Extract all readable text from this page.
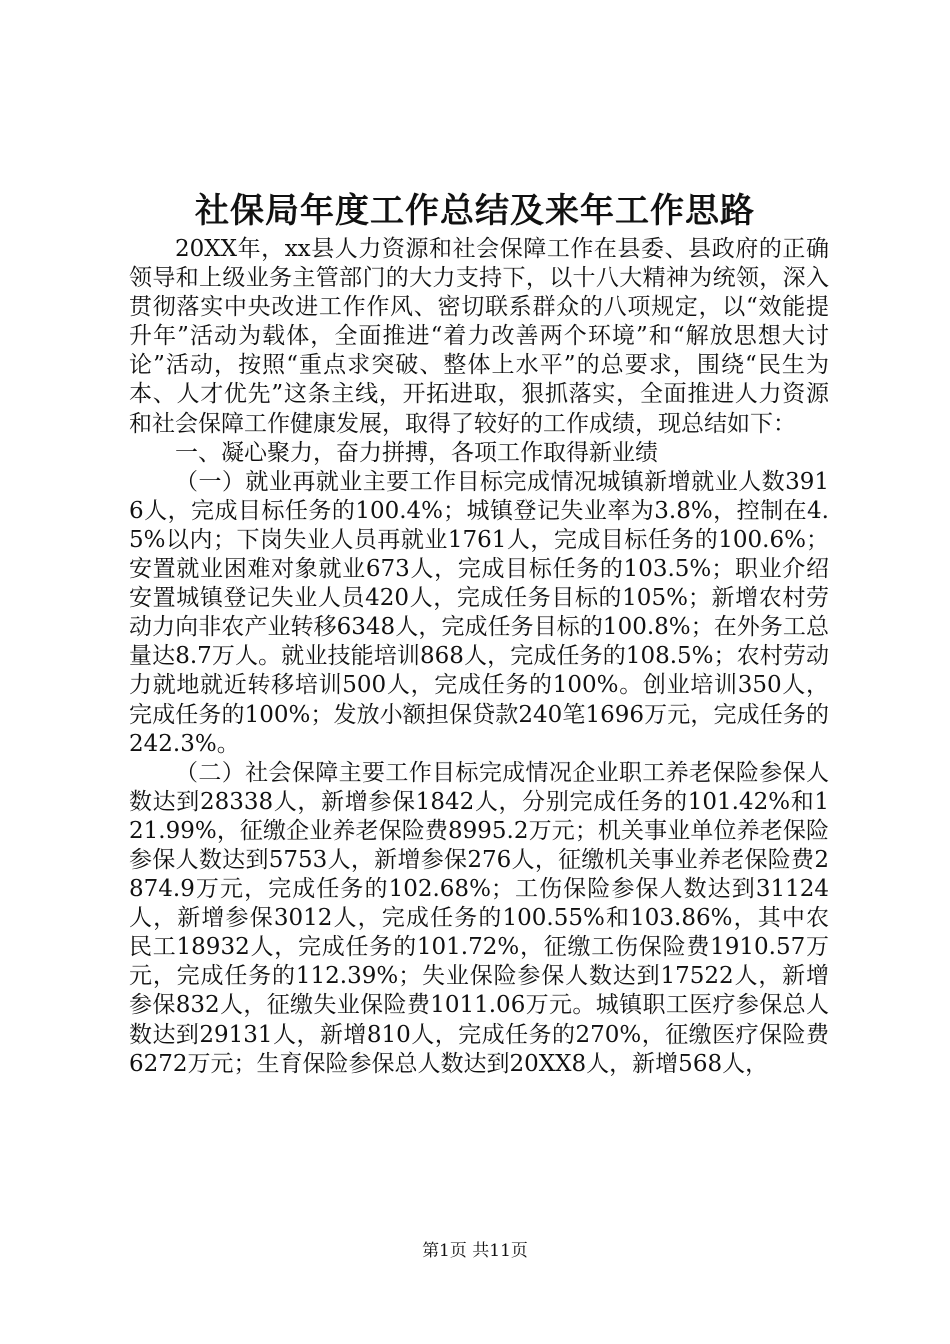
社保局年度工作总结及来年工作思路

20XX年，xx县人力资源和社会保障工作在县委、县政府的正确领导和上级业务主管部门的大力支持下，以十八大精神为统领，深入贯彻落实中央改进工作作风、密切联系群众的八项规定，以“效能提升年”活动为载体，全面推进“着力改善两个环境”和“解放思想大讨论”活动，按照“重点求突破、整体上水平”的总要求，围绕“民生为本、人才优先”这条主线，开拓进取，狠抓落实，全面推进人力资源和社会保障工作健康发展，取得了较好的工作成绩，现总结如下：

一、凝心聚力，奋力拼搏，各项工作取得新业绩

（一）就业再就业主要工作目标完成情况城镇新增就业人数3916人，完成目标任务的100.4%；城镇登记失业率为3.8%，控制在4.5%以内；下岗失业人员再就业1761人，完成目标任务的100.6%；安置就业困难对象就业673人，完成目标任务的103.5%；职业介绍安置城镇登记失业人员420人，完成任务目标的105%；新增农村劳动力向非农产业转移6348人，完成任务目标的100.8%；在外务工总量达8.7万人。就业技能培训868人，完成任务的108.5%；农村劳动力就地就近转移培训500人，完成任务的100%。创业培训350人，完成任务的100%；发放小额担保贷款240笔1696万元，完成任务的242.3%。

（二）社会保障主要工作目标完成情况企业职工养老保险参保人数达到28338人，新增参保1842人，分别完成任务的101.42%和121.99%，征缴企业养老保险费8995.2万元；机关事业单位养老保险参保人数达到5753人，新增参保276人，征缴机关事业养老保险费2874.9万元，完成任务的102.68%；工伤保险参保人数达到31124人，新增参保3012人，完成任务的100.55%和103.86%，其中农民工18932人，完成任务的101.72%，征缴工伤保险费1910.57万元，完成任务的112.39%；失业保险参保人数达到17522人，新增参保832人，征缴失业保险费1011.06万元。城镇职工医疗参保总人数达到29131人，新增810人，完成任务的270%，征缴医疗保险费6272万元；生育保险参保总人数达到20XX8人，新增568人，

第1页 共11页
